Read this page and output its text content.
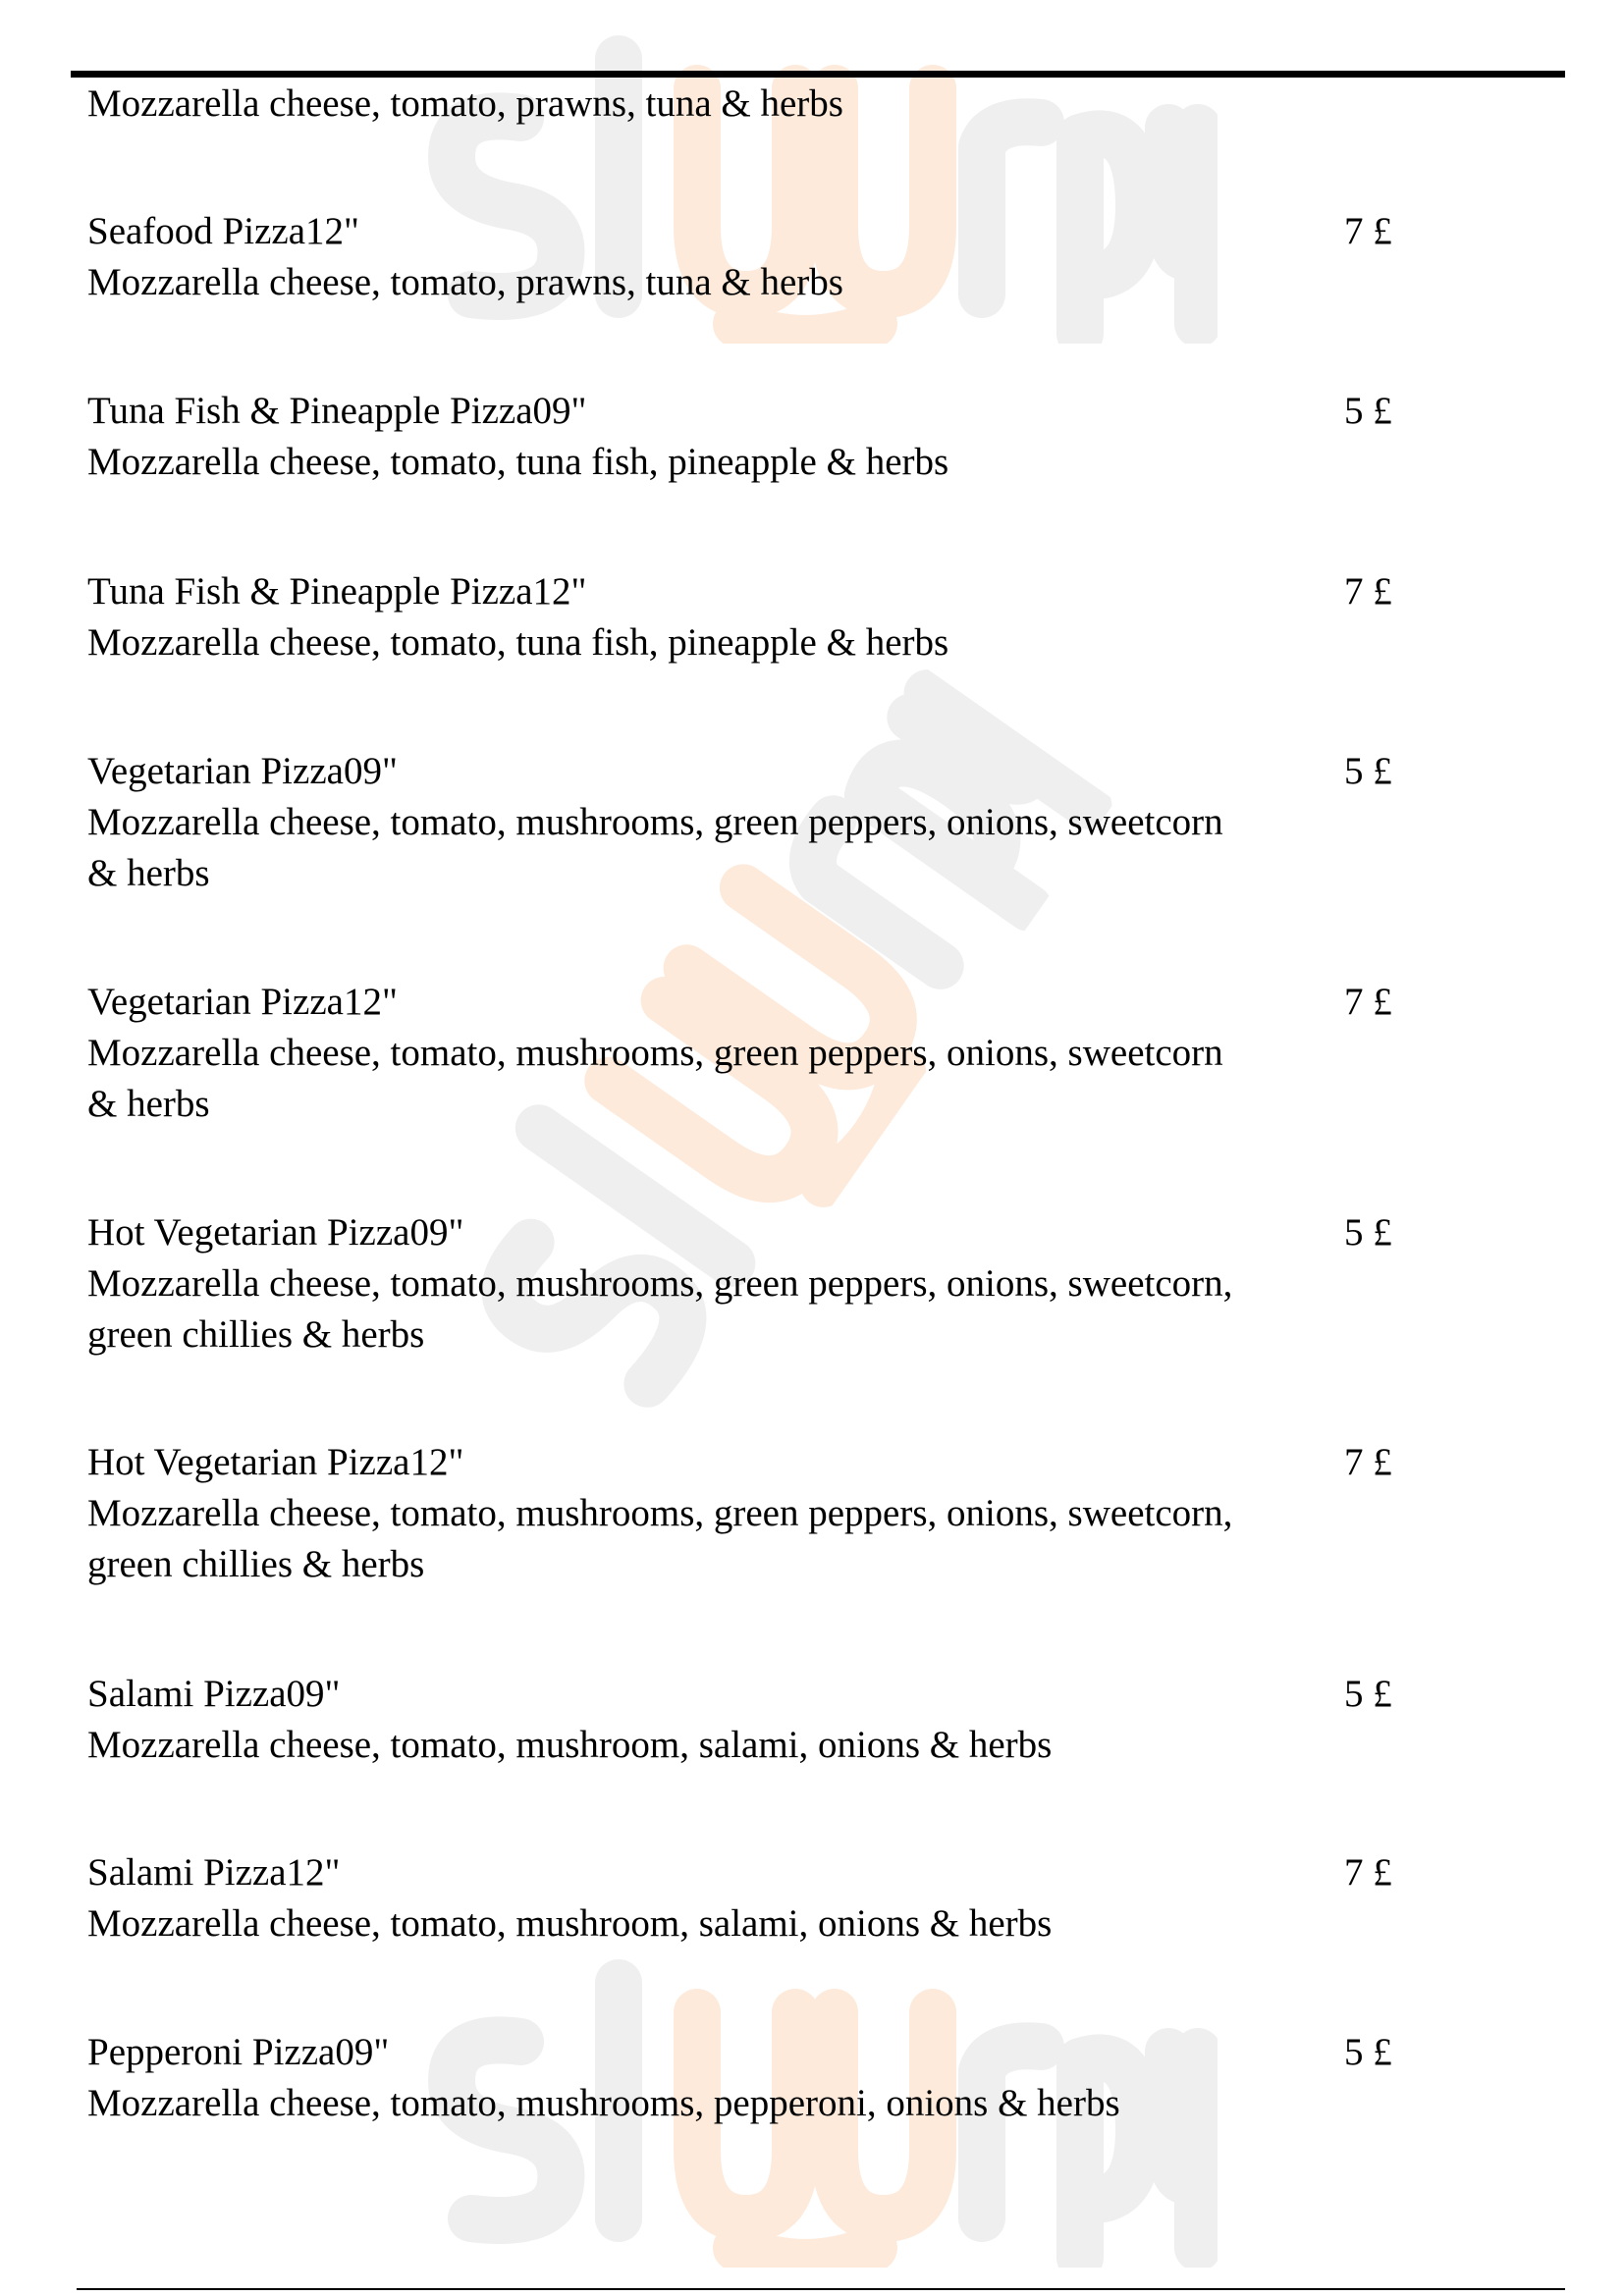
Mozzarella cheese, tomato, prawns, tuna & herbs
Seafood Pizza12"	7 £
Mozzarella cheese, tomato, prawns, tuna & herbs
Tuna Fish & Pineapple Pizza09"	5 £
Mozzarella cheese, tomato, tuna fish, pineapple & herbs
Tuna Fish & Pineapple Pizza12"	7 £
Mozzarella cheese, tomato, tuna fish, pineapple & herbs
Vegetarian Pizza09"	5 £
Mozzarella cheese, tomato, mushrooms, green peppers, onions, sweetcorn & herbs
Vegetarian Pizza12"	7 £
Mozzarella cheese, tomato, mushrooms, green peppers, onions, sweetcorn & herbs
Hot Vegetarian Pizza09"	5 £
Mozzarella cheese, tomato, mushrooms, green peppers, onions, sweetcorn, green chillies & herbs
Hot Vegetarian Pizza12"	7 £
Mozzarella cheese, tomato, mushrooms, green peppers, onions, sweetcorn, green chillies & herbs
Salami Pizza09"	5 £
Mozzarella cheese, tomato, mushroom, salami, onions & herbs
Salami Pizza12"	7 £
Mozzarella cheese, tomato, mushroom, salami, onions & herbs
Pepperoni Pizza09"	5 £
Mozzarella cheese, tomato, mushrooms, pepperoni, onions & herbs
